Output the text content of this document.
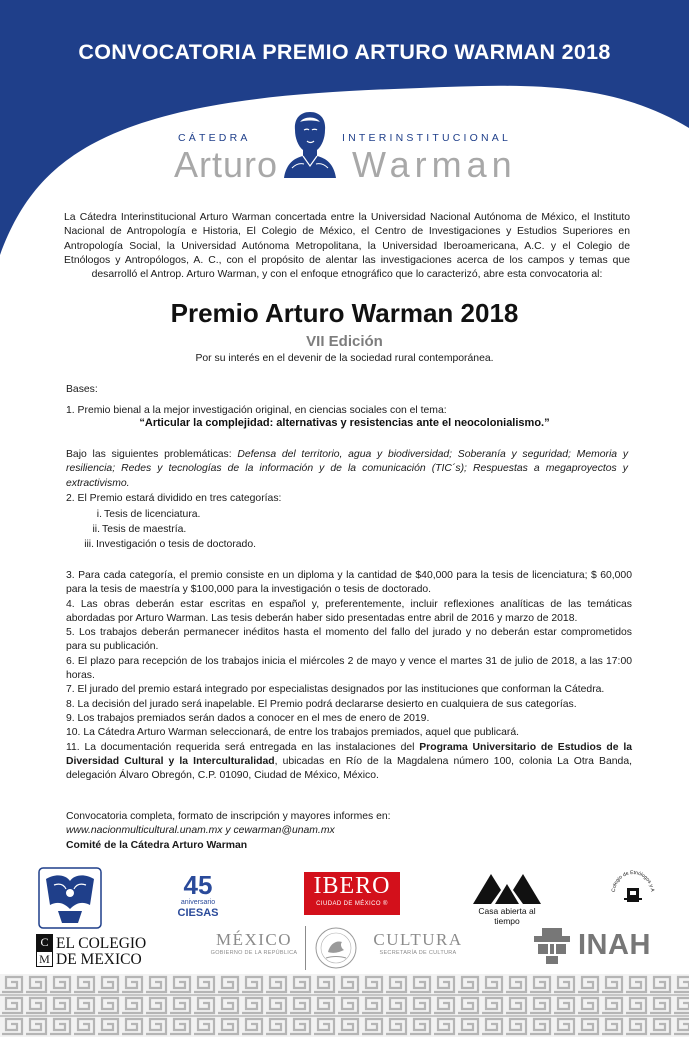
CONVOCATORIA PREMIO ARTURO WARMAN 2018
CÁTEDRA	INTERINSTITUCIONAL
Arturo Warman
La Cátedra Interinstitucional Arturo Warman concertada entre la Universidad Nacional Autónoma de México, el Instituto Nacional de Antropología e Historia, El Colegio de México, el Centro de Investigaciones y Estudios Superiores en Antropología Social, la Universidad Autónoma Metropolitana, la Universidad Iberoamericana, A.C. y el Colegio de Etnólogos y Antropólogos, A. C., con el propósito de alentar las investigaciones acerca de los campos y temas que desarrolló el Antrop. Arturo Warman, y con el enfoque etnográfico que lo caracterizó, abre esta convocatoria al:
Premio Arturo Warman 2018
VII Edición
Por su interés en el devenir de la sociedad rural contemporánea.
Bases:
1. Premio bienal a la mejor investigación original, en ciencias sociales con el tema:
“Articular la complejidad: alternativas y resistencias ante el neocolonialismo.”
Bajo las siguientes problemáticas: Defensa del territorio, agua y biodiversidad; Soberanía y seguridad; Memoria y resiliencia; Redes y tecnologías de la información y de la comunicación (TIC´s); Respuestas a megaproyectos y extractivismo.
2. El Premio estará dividido en tres categorías:
i. Tesis de licenciatura.
ii. Tesis de maestría.
iii. Investigación o tesis de doctorado.

3. Para cada categoría, el premio consiste en un diploma y la cantidad de $40,000 para la tesis de licenciatura; $ 60,000 para la tesis de maestría y $100,000 para la investigación o tesis de doctorado.

4. Las obras deberán estar escritas en español y, preferentemente, incluir reflexiones analíticas de las temáticas abordadas por Arturo Warman. Las tesis deberán haber sido presentadas entre abril de 2016 y marzo de 2018.

5. Los trabajos deberán permanecer inéditos hasta el momento del fallo del jurado y no deberán estar comprometidos para su publicación.

6. El plazo para recepción de los trabajos inicia el miércoles 2 de mayo y vence el martes 31 de julio de 2018, a las 17:00 horas.

7. El jurado del premio estará integrado por especialistas designados por las instituciones que conforman la Cátedra.

8. La decisión del jurado será inapelable. El Premio podrá declararse desierto en cualquiera de sus categorías.

9. Los trabajos premiados serán dados a conocer en el mes de enero de 2019.

10. La Cátedra Arturo Warman seleccionará, de entre los trabajos premiados, aquel que publicará.

11. La documentación requerida será entregada en las instalaciones del Programa Universitario de Estudios de la Diversidad Cultural y la Interculturalidad, ubicadas en Río de la Magdalena número 100, colonia La Otra Banda, delegación Álvaro Obregón, C.P. 01090, Ciudad de México, México.

Convocatoria completa, formato de inscripción y mayores informes en:
www.nacionmulticultural.unam.mx y cewarman@unam.mx
Comité de la Cátedra Arturo Warman
45
aniversario
CIESAS
IBERO
CIUDAD DE MÉXICO ®
Casa abierta al tiempo
Colegio de Etnólogos y A
C
M
EL COLEGIO
DE MEXICO
MÉXICO
GOBIERNO DE LA REPÚBLICA
CULTURA
SECRETARÍA DE CULTURA	INAH
